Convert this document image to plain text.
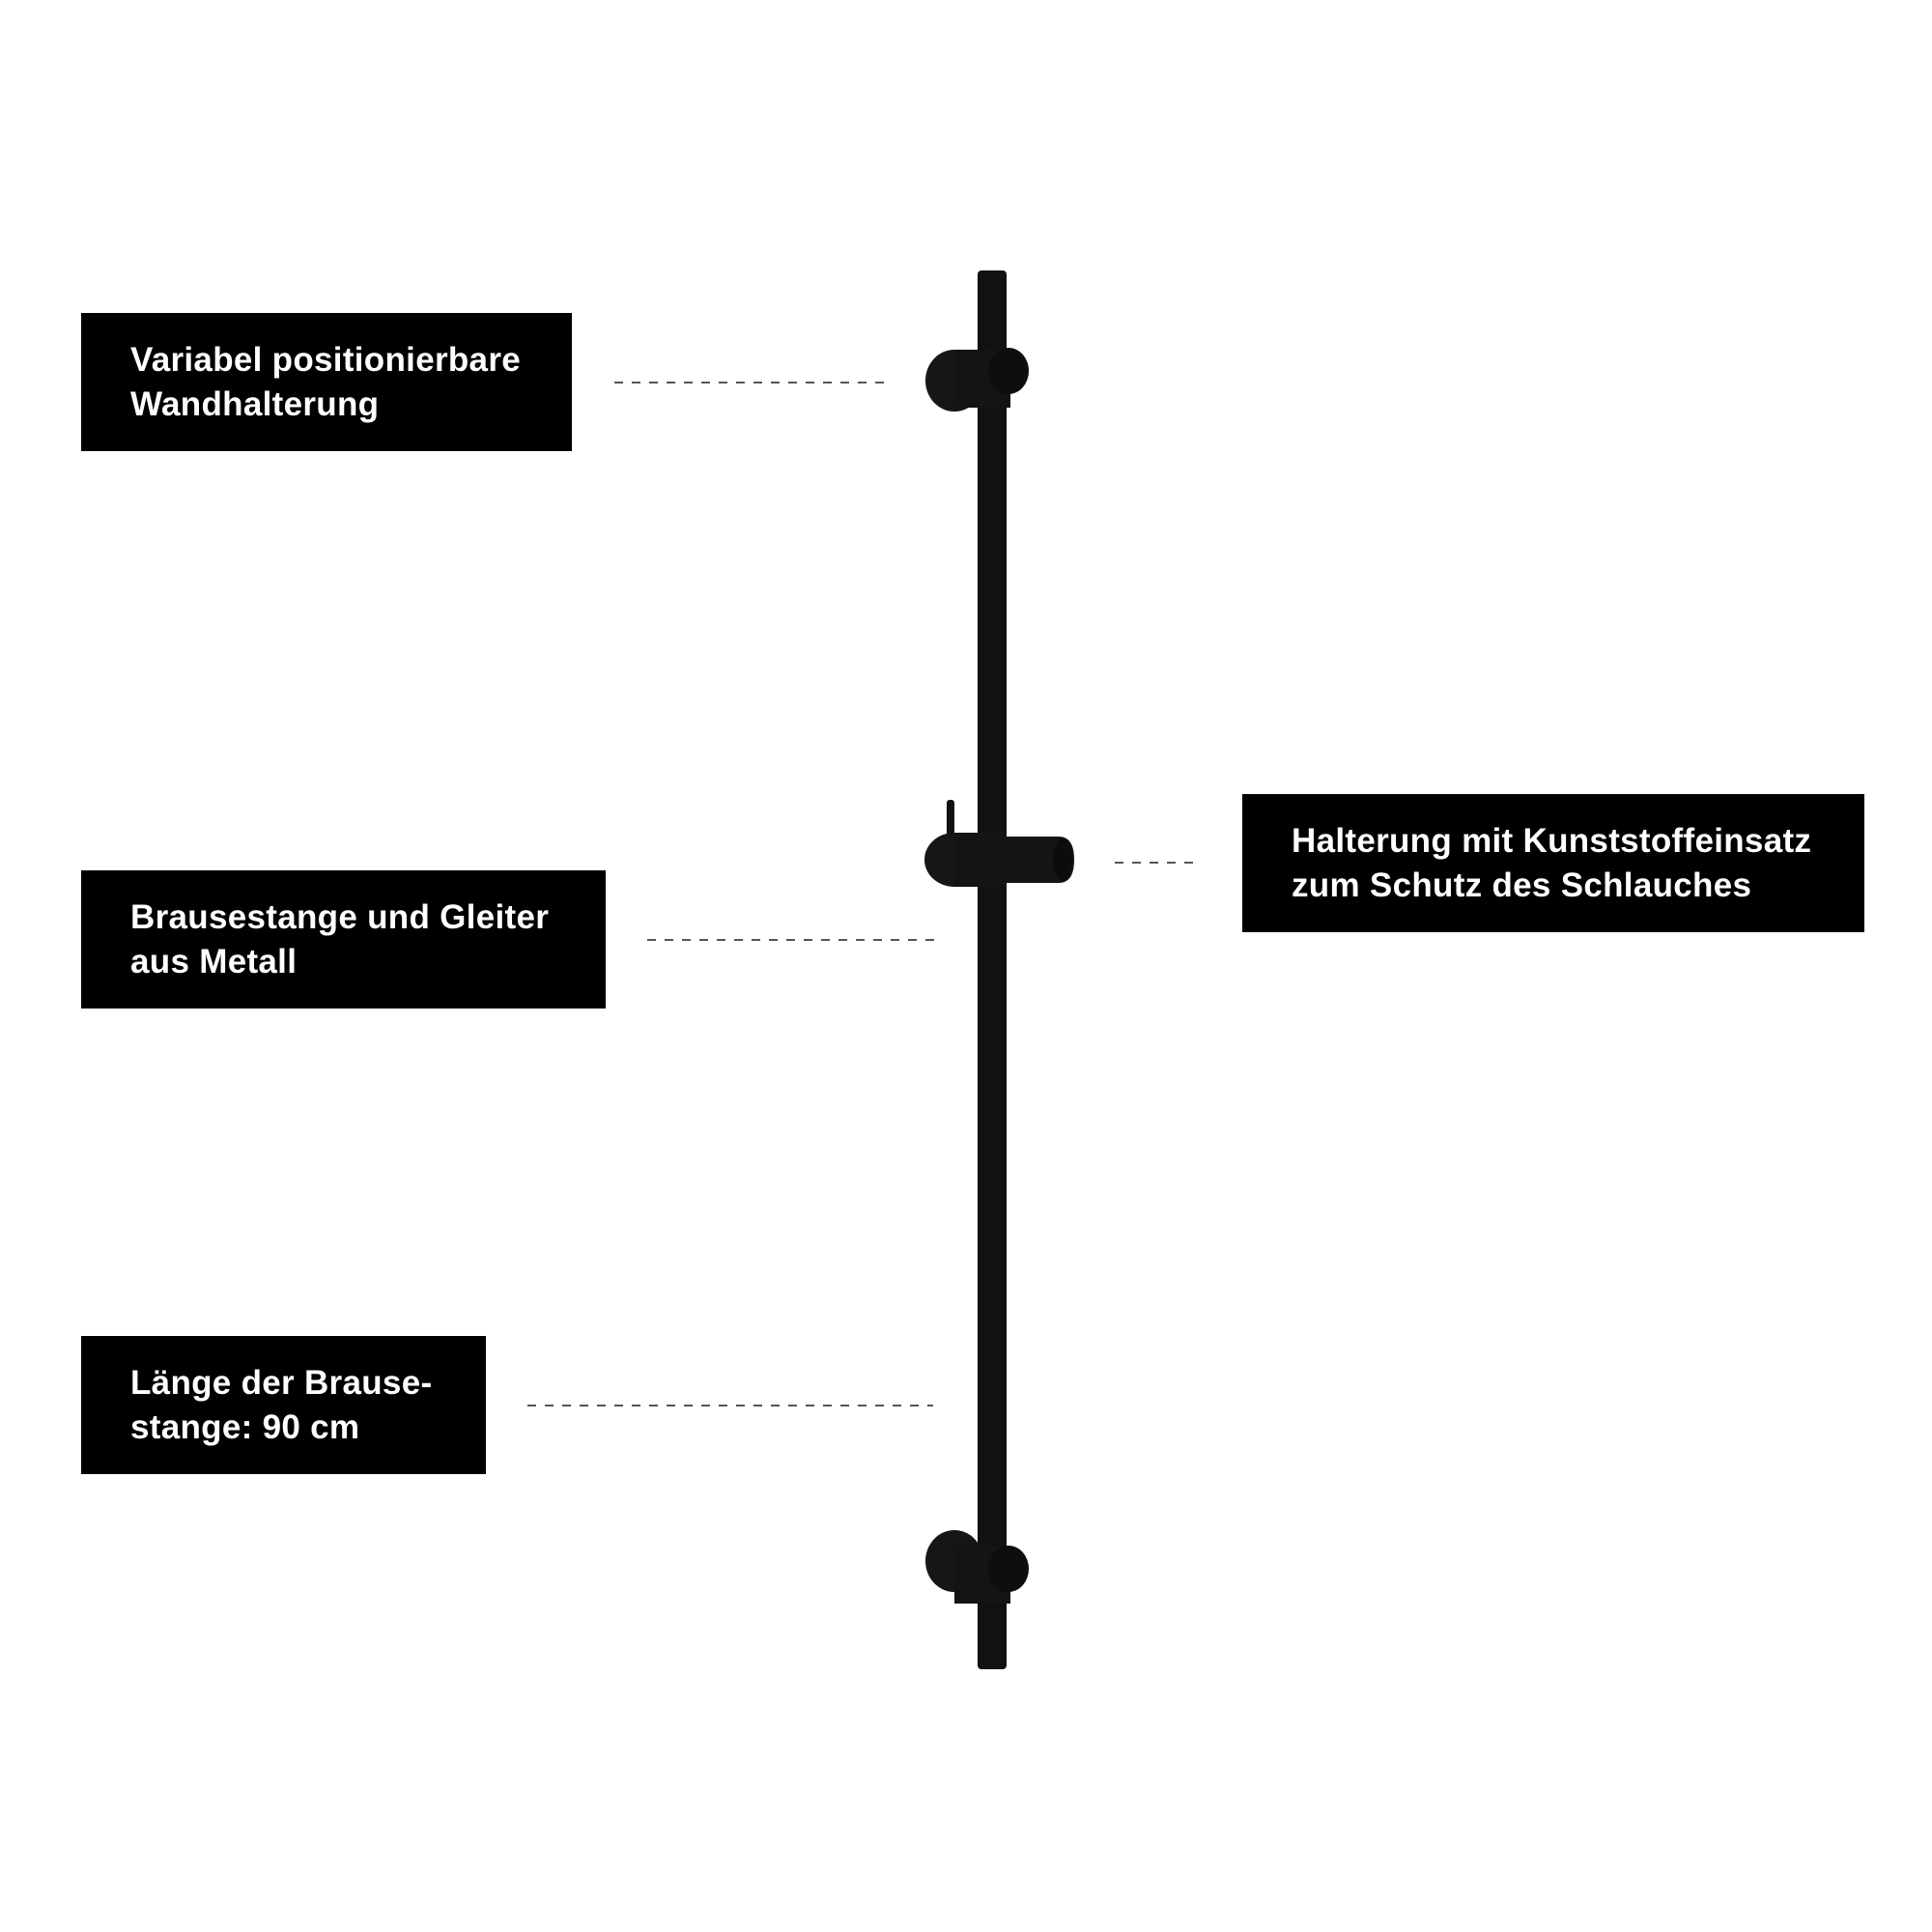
Variabel positionierbare
Wandhalterung
Brausestange und Gleiter
aus Metall
Länge der Brause-
stange: 90 cm
Halterung mit Kunststoffeinsatz
zum Schutz des Schlauches
